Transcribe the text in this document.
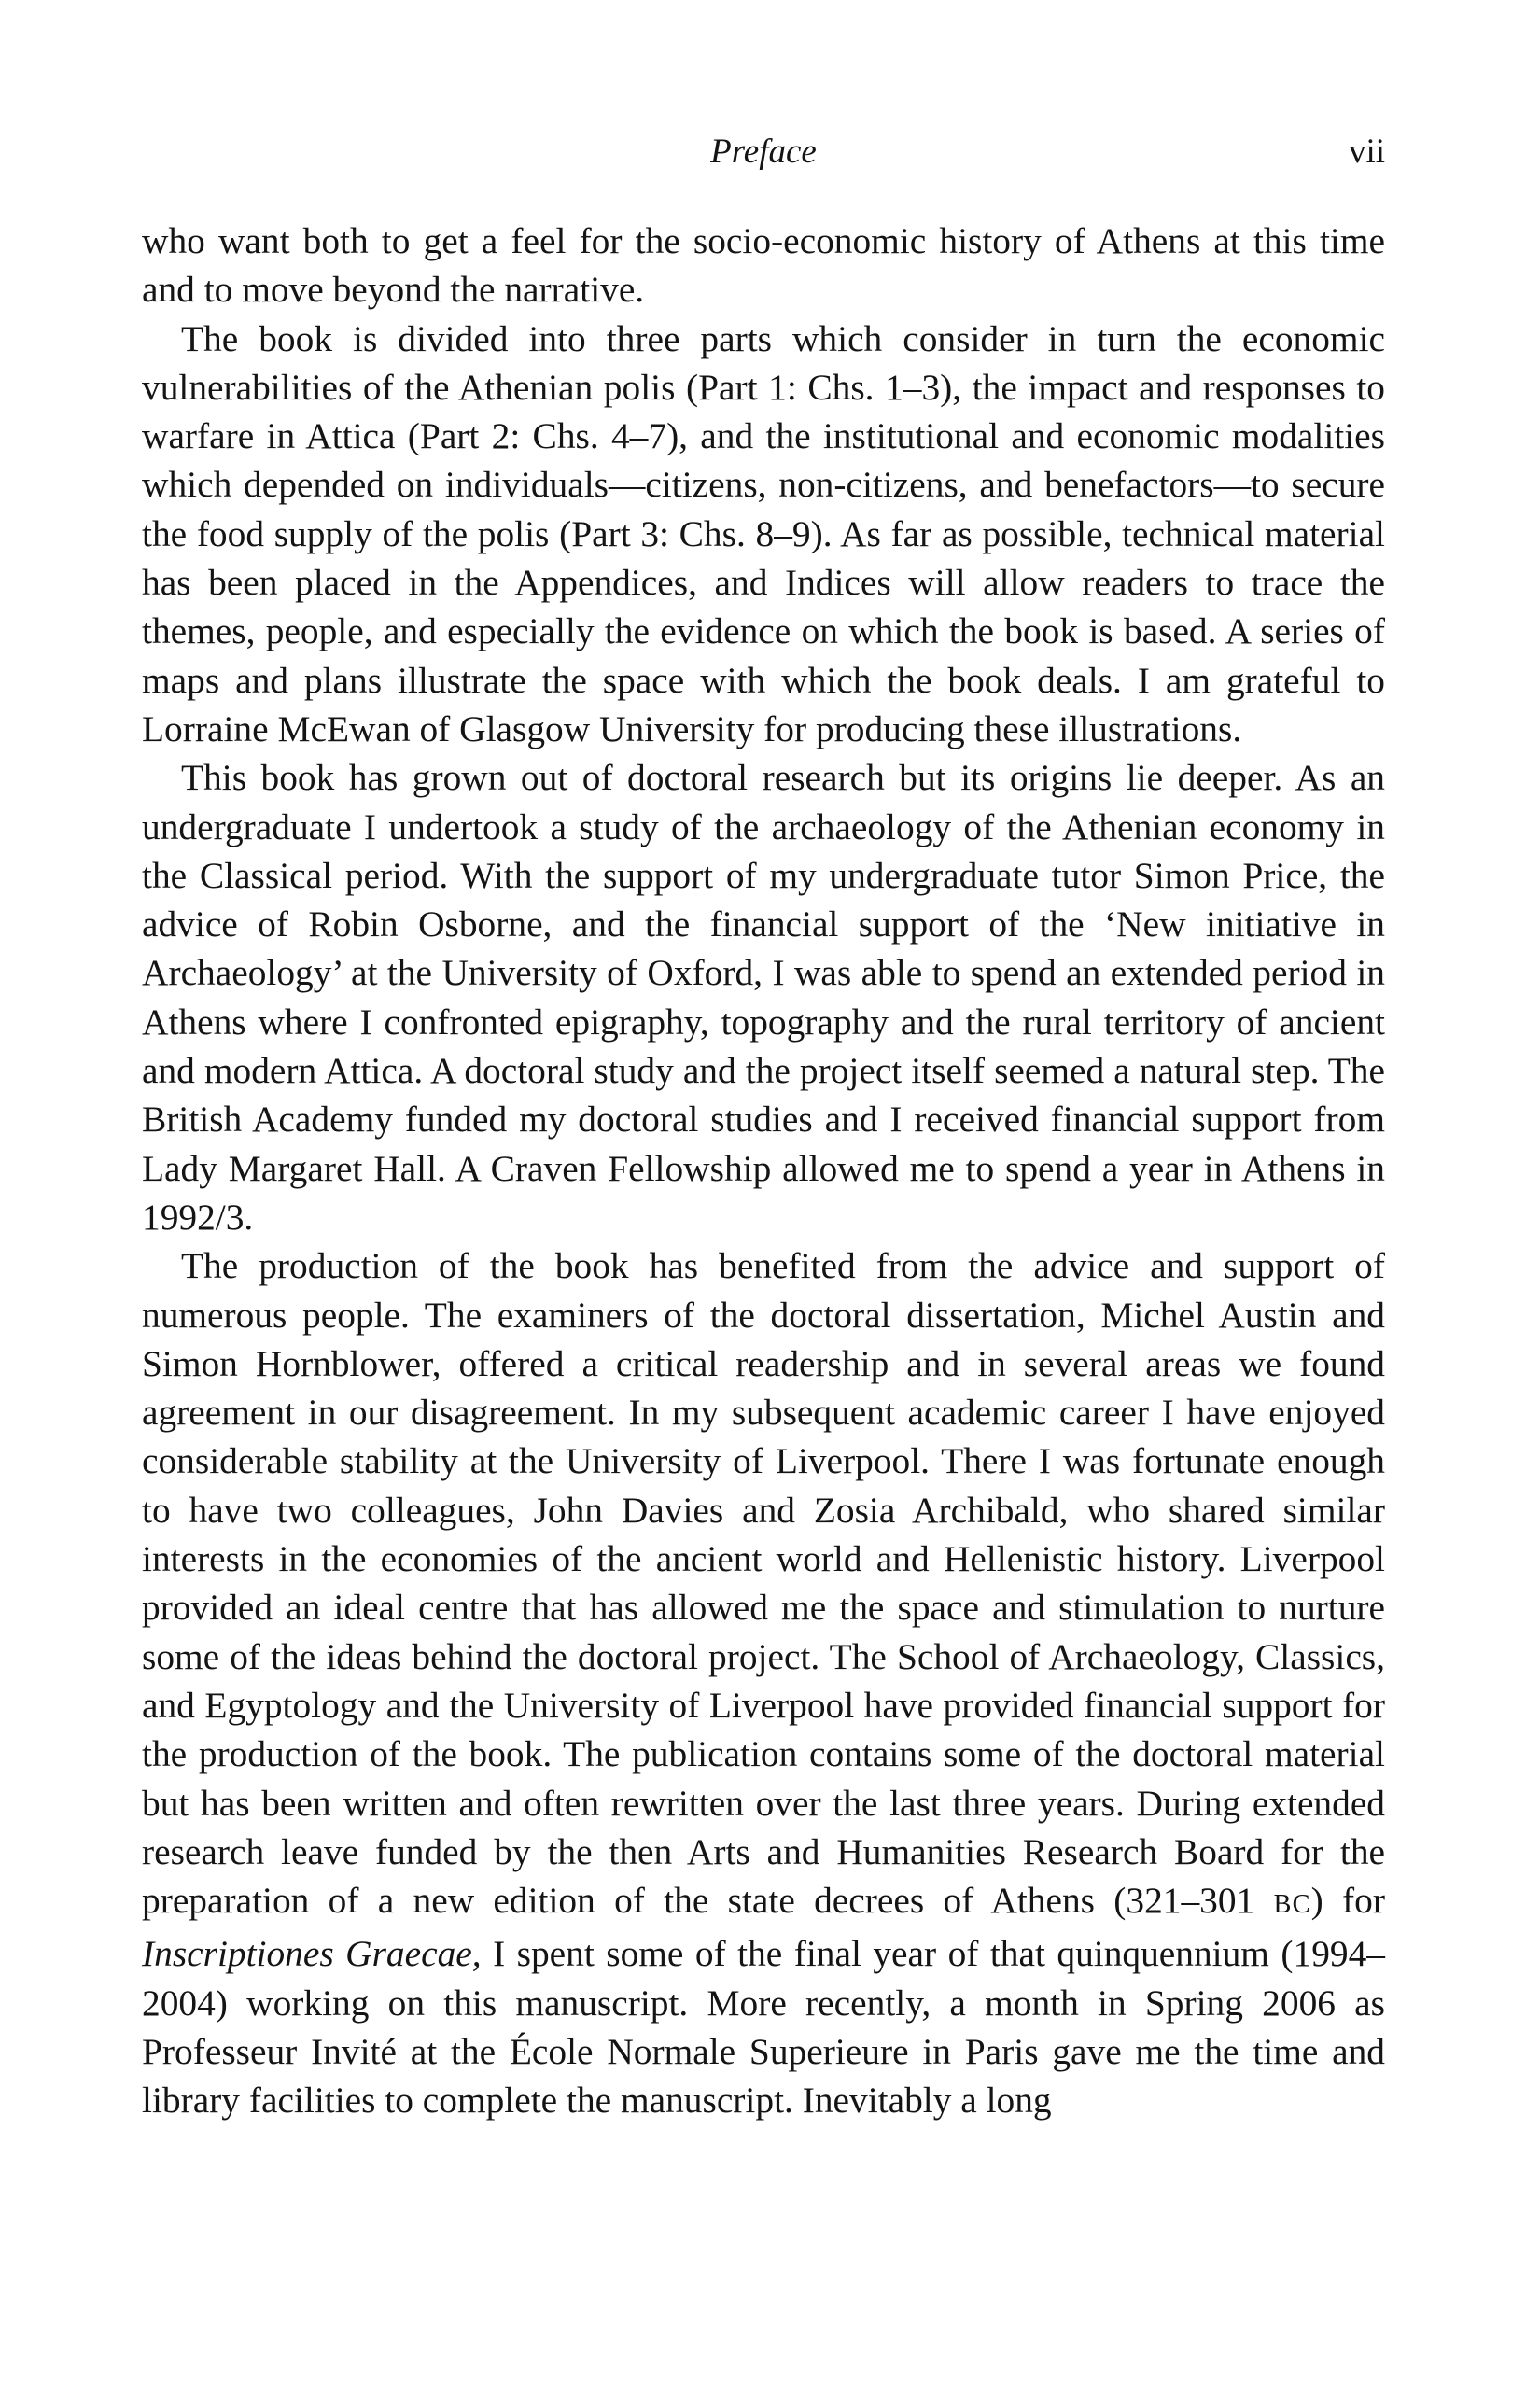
Preface	vii

who want both to get a feel for the socio-economic history of Athens at this time and to move beyond the narrative.

The book is divided into three parts which consider in turn the economic vulnerabilities of the Athenian polis (Part 1: Chs. 1–3), the impact and responses to warfare in Attica (Part 2: Chs. 4–7), and the institutional and economic modalities which depended on individuals—citizens, non-citizens, and benefactors—to secure the food supply of the polis (Part 3: Chs. 8–9). As far as possible, technical material has been placed in the Appendices, and Indices will allow readers to trace the themes, people, and especially the evidence on which the book is based. A series of maps and plans illustrate the space with which the book deals. I am grateful to Lorraine McEwan of Glasgow University for producing these illustrations.

This book has grown out of doctoral research but its origins lie deeper. As an undergraduate I undertook a study of the archaeology of the Athenian economy in the Classical period. With the support of my undergraduate tutor Simon Price, the advice of Robin Osborne, and the financial support of the ‘New initiative in Archaeology’ at the University of Oxford, I was able to spend an extended period in Athens where I confronted epigraphy, topography and the rural territory of ancient and modern Attica. A doctoral study and the project itself seemed a natural step. The British Academy funded my doctoral studies and I received financial support from Lady Margaret Hall. A Craven Fellowship allowed me to spend a year in Athens in 1992/3.

The production of the book has benefited from the advice and support of numerous people. The examiners of the doctoral dissertation, Michel Austin and Simon Hornblower, offered a critical readership and in several areas we found agreement in our disagreement. In my subsequent academic career I have enjoyed considerable stability at the University of Liverpool. There I was fortunate enough to have two colleagues, John Davies and Zosia Archibald, who shared similar interests in the economies of the ancient world and Hellenistic history. Liverpool provided an ideal centre that has allowed me the space and stimulation to nurture some of the ideas behind the doctoral project. The School of Archaeology, Classics, and Egyptology and the University of Liverpool have provided financial support for the production of the book. The publication contains some of the doctoral material but has been written and often rewritten over the last three years. During extended research leave funded by the then Arts and Humanities Research Board for the preparation of a new edition of the state decrees of Athens (321–301 BC) for Inscriptiones Graecae, I spent some of the final year of that quinquennium (1994–2004) working on this manuscript. More recently, a month in Spring 2006 as Professeur Invité at the École Normale Superieure in Paris gave me the time and library facilities to complete the manuscript. Inevitably a long
